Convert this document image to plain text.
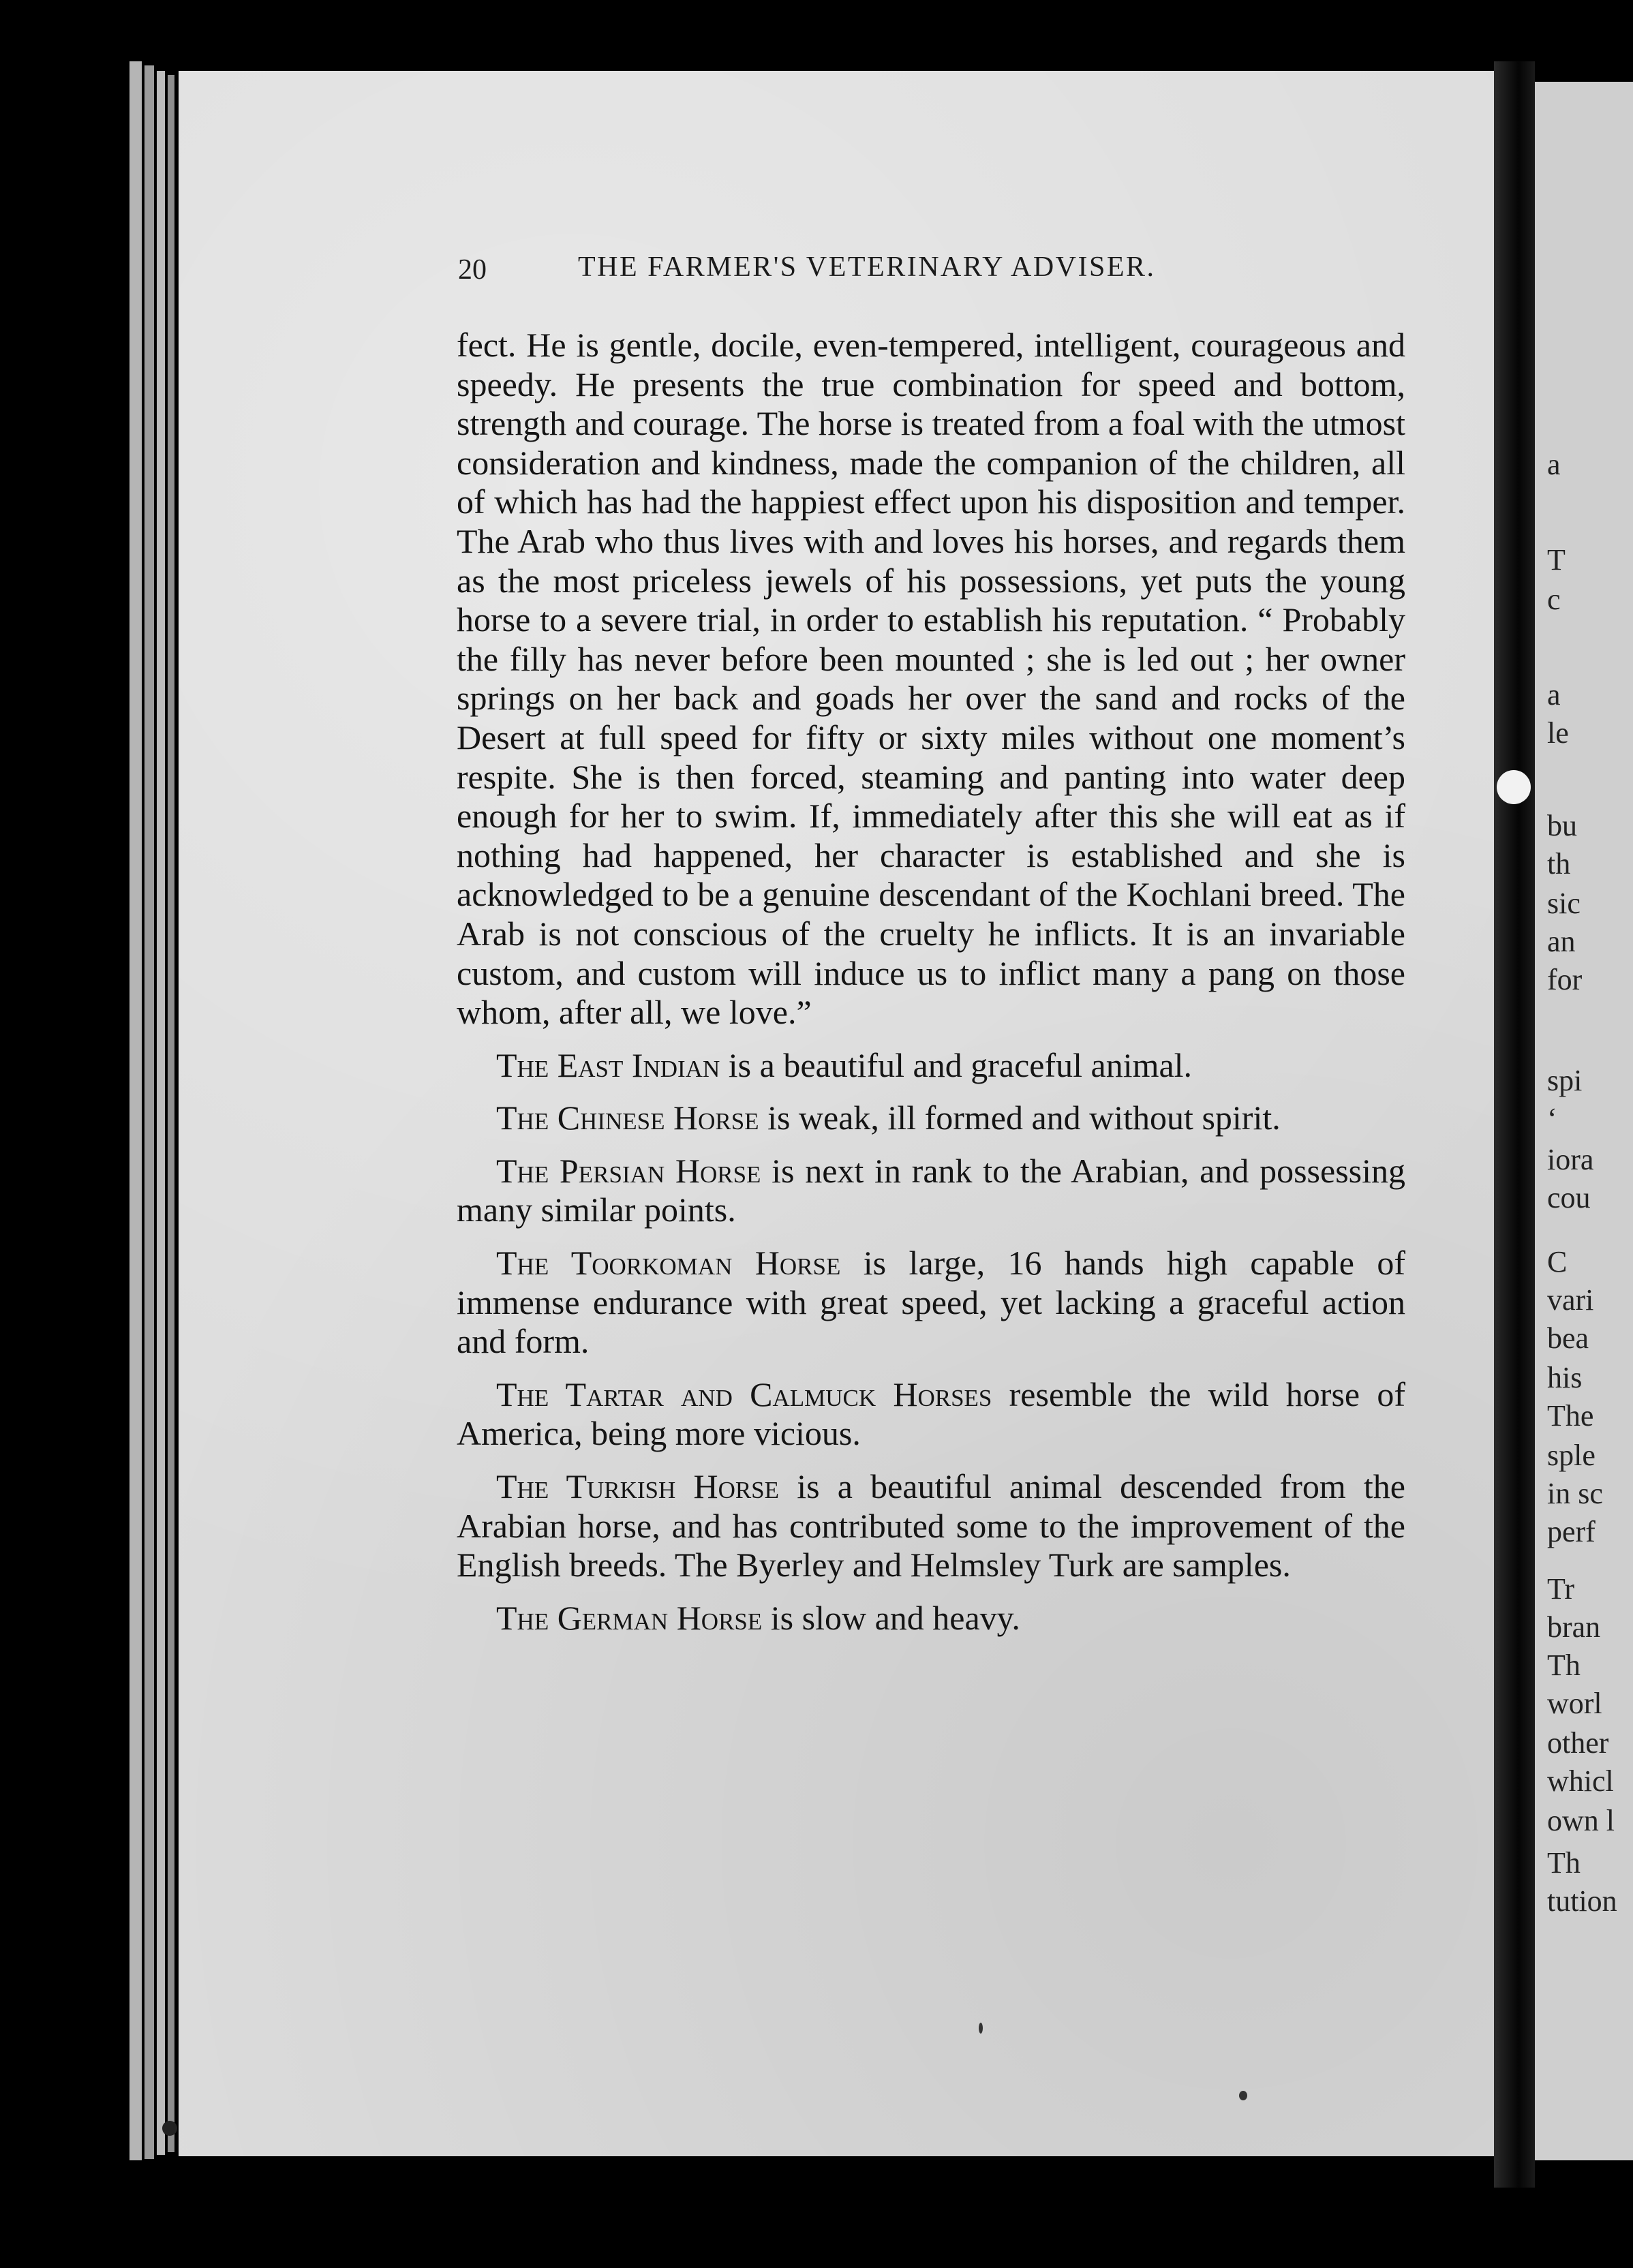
20	THE FARMER'S VETERINARY ADVISER.

fect. He is gentle, docile, even-tempered, intelligent, courageous and speedy. He presents the true combination for speed and bottom, strength and courage. The horse is treated from a foal with the utmost consideration and kindness, made the companion of the children, all of which has had the happiest effect upon his disposition and temper. The Arab who thus lives with and loves his horses, and regards them as the most priceless jewels of his possessions, yet puts the young horse to a severe trial, in order to establish his reputation. “ Probably the filly has never before been mounted ; she is led out ; her owner springs on her back and goads her over the sand and rocks of the Desert at full speed for fifty or sixty miles without one moment’s respite. She is then forced, steaming and panting into water deep enough for her to swim. If, immediately after this she will eat as if nothing had happened, her character is established and she is acknowledged to be a genuine descendant of the Kochlani breed. The Arab is not conscious of the cruelty he inflicts. It is an invariable custom, and custom will induce us to inflict many a pang on those whom, after all, we love.”

The East Indian is a beautiful and graceful animal.

The Chinese Horse is weak, ill formed and without spirit.

The Persian Horse is next in rank to the Arabian, and possessing many similar points.

The Toorkoman Horse is large, 16 hands high capable of immense endurance with great speed, yet lacking a graceful action and form.

The Tartar and Calmuck Horses resemble the wild horse of America, being more vicious.

The Turkish Horse is a beautiful animal descended from the Arabian horse, and has contributed some to the improvement of the English breeds. The Byerley and Helmsley Turk are samples.

The German Horse is slow and heavy.

a
T
c
a
le
bu
th
sic
an
for
spi
‘
iora
cou
C
vari
bea
his
The
sple
in sc
perf
Tr
bran
Th
worl
other
whicl
own l
Th
tution
